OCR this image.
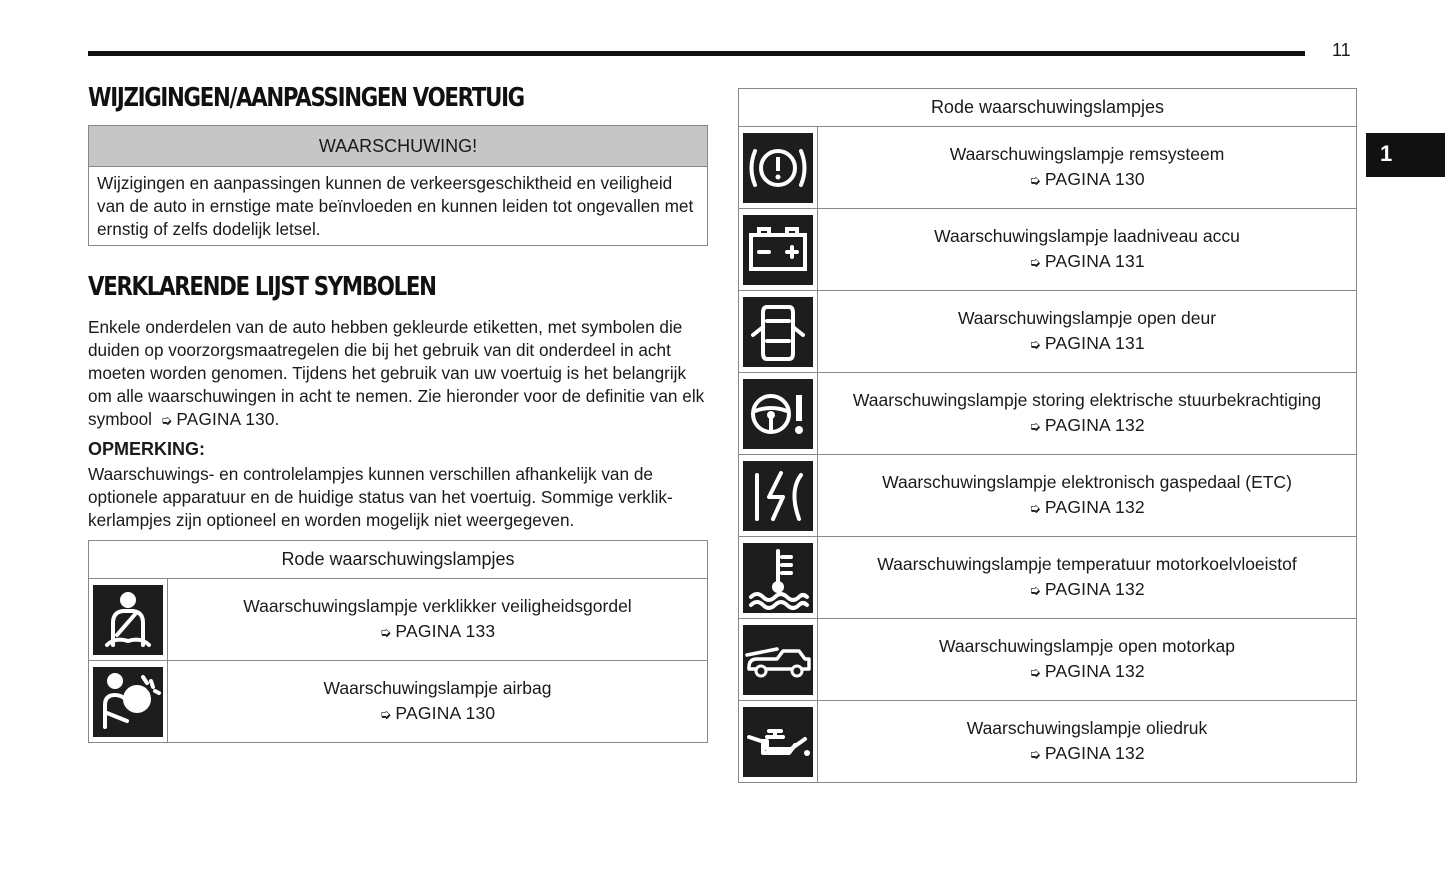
11
1
WIJZIGINGEN/AANPASSINGEN VOERTUIG
WAARSCHUWING!
Wijzigingen en aanpassingen kunnen de verkeersgeschiktheid en veiligheid van de auto in ernstige mate beïnvloeden en kunnen leiden tot ongevallen met ernstig of zelfs dodelijk letsel.
VERKLARENDE LIJST SYMBOLEN
Enkele onderdelen van de auto hebben gekleurde etiketten, met symbolen die duiden op voorzorgsmaatregelen die bij het gebruik van dit onderdeel in acht moeten worden genomen. Tijdens het gebruik van uw voertuig is het belangrijk om alle waarschuwingen in acht te nemen. Zie hieronder voor de definitie van elk symbool  ➭ PAGINA 130.
OPMERKING:
Waarschuwings- en controlelampjes kunnen verschillen afhankelijk van de optionele apparatuur en de huidige status van het voertuig. Sommige verklik-kerlampjes zijn optioneel en worden mogelijk niet weergegeven.
Rode waarschuwingslampjes	

Waarschuwingslampje verklikker veiligheidsgordel
➭ PAGINA 133

Waarschuwingslampje airbag
➭ PAGINA 130
Rode waarschuwingslampjes	

Waarschuwingslampje remsysteem
➭ PAGINA 130

Waarschuwingslampje laadniveau accu
➭ PAGINA 131

Waarschuwingslampje open deur
➭ PAGINA 131

Waarschuwingslampje storing elektrische stuurbekrachtiging
➭ PAGINA 132

Waarschuwingslampje elektronisch gaspedaal (ETC)
➭ PAGINA 132

Waarschuwingslampje temperatuur motorkoelvloeistof
➭ PAGINA 132

Waarschuwingslampje open motorkap
➭ PAGINA 132

Waarschuwingslampje oliedruk
➭ PAGINA 132
